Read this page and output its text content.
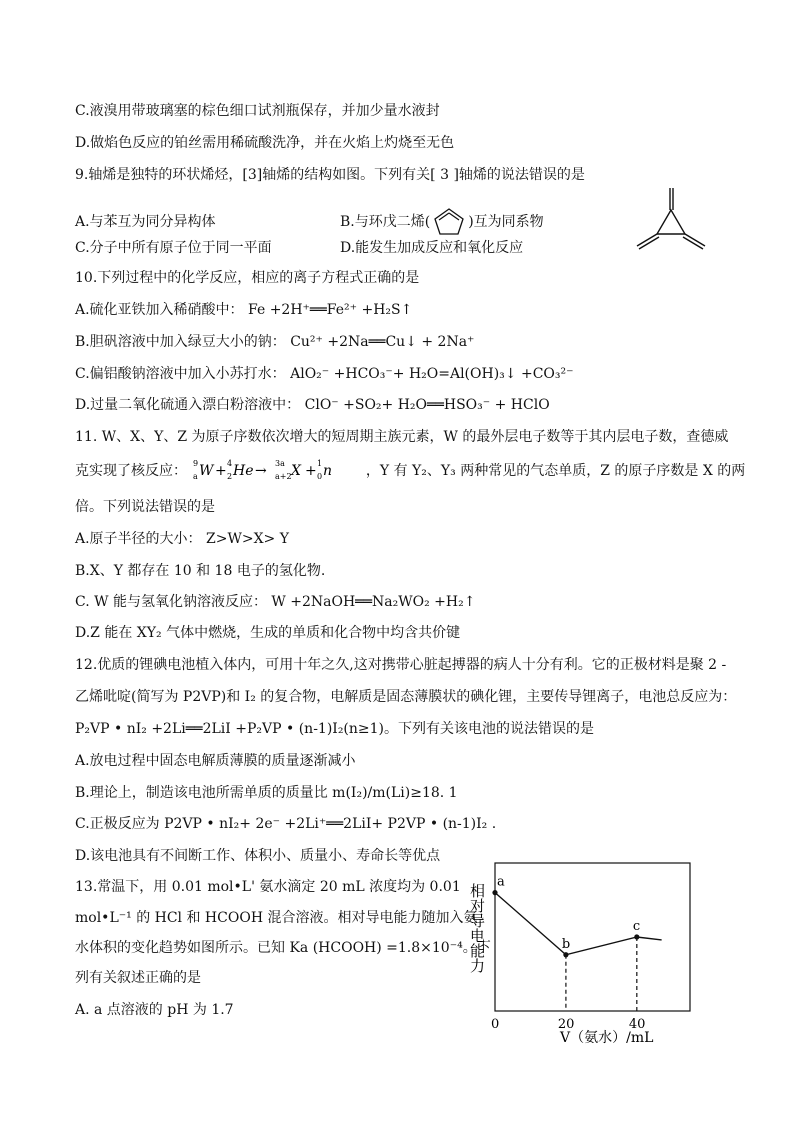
C.液溴用带玻璃塞的棕色细口试剂瓶保存，并加少量水液封
D.做焰色反应的铂丝需用稀硫酸洗净，并在火焰上灼烧至无色
9.轴烯是独特的环状烯烃，[3]轴烯的结构如图。下列有关[ 3 ]轴烯的说法错误的是
A.与苯互为同分异构体	B.与环戊二烯(	)互为同系物
C.分子中所有原子位于同一平面	D.能发生加成反应和氧化反应
10.下列过程中的化学反应，相应的离子方程式正确的是
A.硫化亚铁加入稀硝酸中： Fe +2H⁺══Fe²⁺ +H₂S↑
B.胆矾溶液中加入绿豆大小的钠： Cu²⁺ +2Na══Cu↓ + 2Na⁺
C.偏铝酸钠溶液中加入小苏打水： AlO₂⁻ +HCO₃⁻+ H₂O=Al(OH)₃↓ +CO₃²⁻
D.过量二氧化硫通入漂白粉溶液中： ClO⁻ +SO₂+ H₂O══HSO₃⁻ + HClO
11. W、X、Y、Z 为原子序数依次增大的短周期主族元素，W 的最外层电子数等于其内层电子数，查德威
克实现了核反应： 9
a W + 4
2 He → 3a
a+2 X + 1
0 n ，Y 有 Y₂、Y₃ 两种常见的气态单质，Z 的原子序数是 X 的两
倍。下列说法错误的是
A.原子半径的大小： Z>W>X> Y
B.X、Y 都存在 10 和 18 电子的氢化物.
C. W 能与氢氧化钠溶液反应： W +2NaOH══Na₂WO₂ +H₂↑
D.Z 能在 XY₂ 气体中燃烧，生成的单质和化合物中均含共价键
12.优质的锂碘电池植入体内，可用十年之久,这对携带心脏起搏器的病人十分有利。它的正极材料是聚 2 -
乙烯吡啶(简写为 P2VP)和 I₂ 的复合物，电解质是固态薄膜状的碘化锂，主要传导锂离子，电池总反应为：
P₂VP • nI₂ +2Li══2LiI +P₂VP • (n-1)I₂(n≥1)。下列有关该电池的说法错误的是
A.放电过程中固态电解质薄膜的质量逐渐减小
B.理论上，制造该电池所需单质的质量比 m(I₂)/m(Li)≥18. 1
C.正极反应为 P2VP • nI₂+ 2e⁻ +2Li⁺══2LiI+ P2VP • (n-1)I₂ .
D.该电池具有不间断工作、体积小、质量小、寿命长等优点
13.常温下，用 0.01 mol•L' 氨水滴定 20 mL 浓度均为 0.01
mol•L⁻¹ 的 HCl 和 HCOOH 混合溶液。相对导电能力随加入氨
水体积的变化趋势如图所示。已知 Ka (HCOOH) =1.8×10⁻⁴。下
列有关叙述正确的是
A. a 点溶液的 pH 为 1.7
相对导电能力
V（氨水）/mL
a
b
c
0	20	40
